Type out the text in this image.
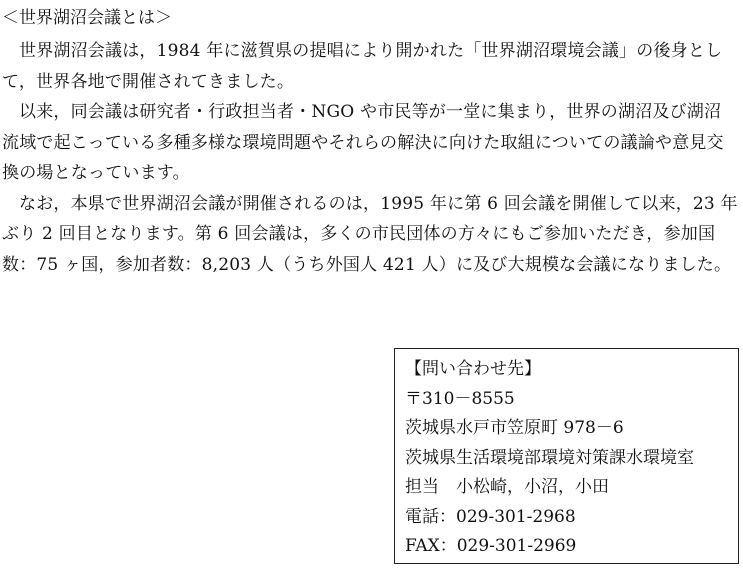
＜世界湖沼会議とは＞

世界湖沼会議は，1984 年に滋賀県の提唱により開かれた「世界湖沼環境会議」の後身として，世界各地で開催されてきました。

以来，同会議は研究者・行政担当者・NGO や市民等が一堂に集まり，世界の湖沼及び湖沼流域で起こっている多種多様な環境問題やそれらの解決に向けた取組についての議論や意見交換の場となっています。

なお，本県で世界湖沼会議が開催されるのは，1995 年に第 6 回会議を開催して以来，23 年ぶり 2 回目となります。第 6 回会議は，多くの市民団体の方々にもご参加いただき，参加国数：75 ヶ国，参加者数：8,203 人（うち外国人 421 人）に及び大規模な会議になりました。

【問い合わせ先】
〒310－8555
茨城県水戸市笠原町 978－6
茨城県生活環境部環境対策課水環境室
担当　小松崎，小沼，小田
電話：029-301-2968
FAX：029-301-2969
